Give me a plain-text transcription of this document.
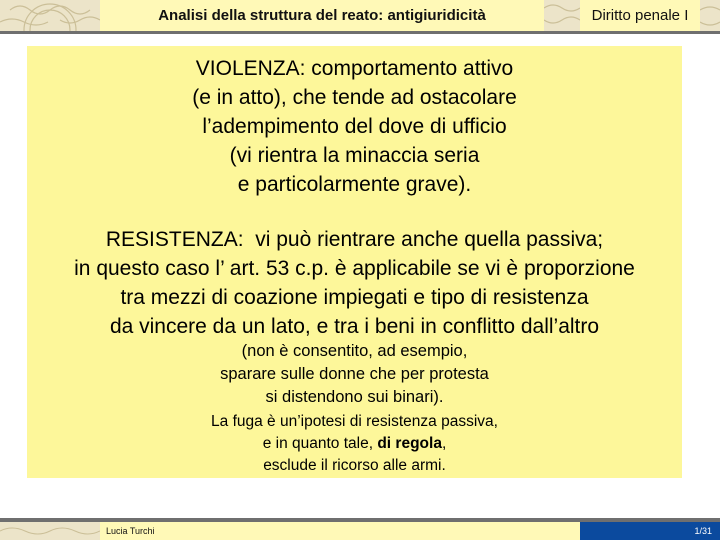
Analisi della struttura del reato: antigiuridicità	Diritto penale I
VIOLENZA: comportamento attivo
(e in atto), che tende ad ostacolare
l’adempimento del dove di ufficio
(vi rientra la minaccia seria
e particolarmente grave).
RESISTENZA:  vi può rientrare anche quella passiva;
in questo caso l’ art. 53 c.p. è applicabile se vi è proporzione
tra mezzi di coazione impiegati e tipo di resistenza
da vincere da un lato, e tra i beni in conflitto dall’altro
(non è consentito, ad esempio,
sparare sulle donne che per protesta
si distendono sui binari).
La fuga è un’ipotesi di resistenza passiva,
e in quanto tale, di regola,
esclude il ricorso alle armi.
Lucia Turchi	1/31
